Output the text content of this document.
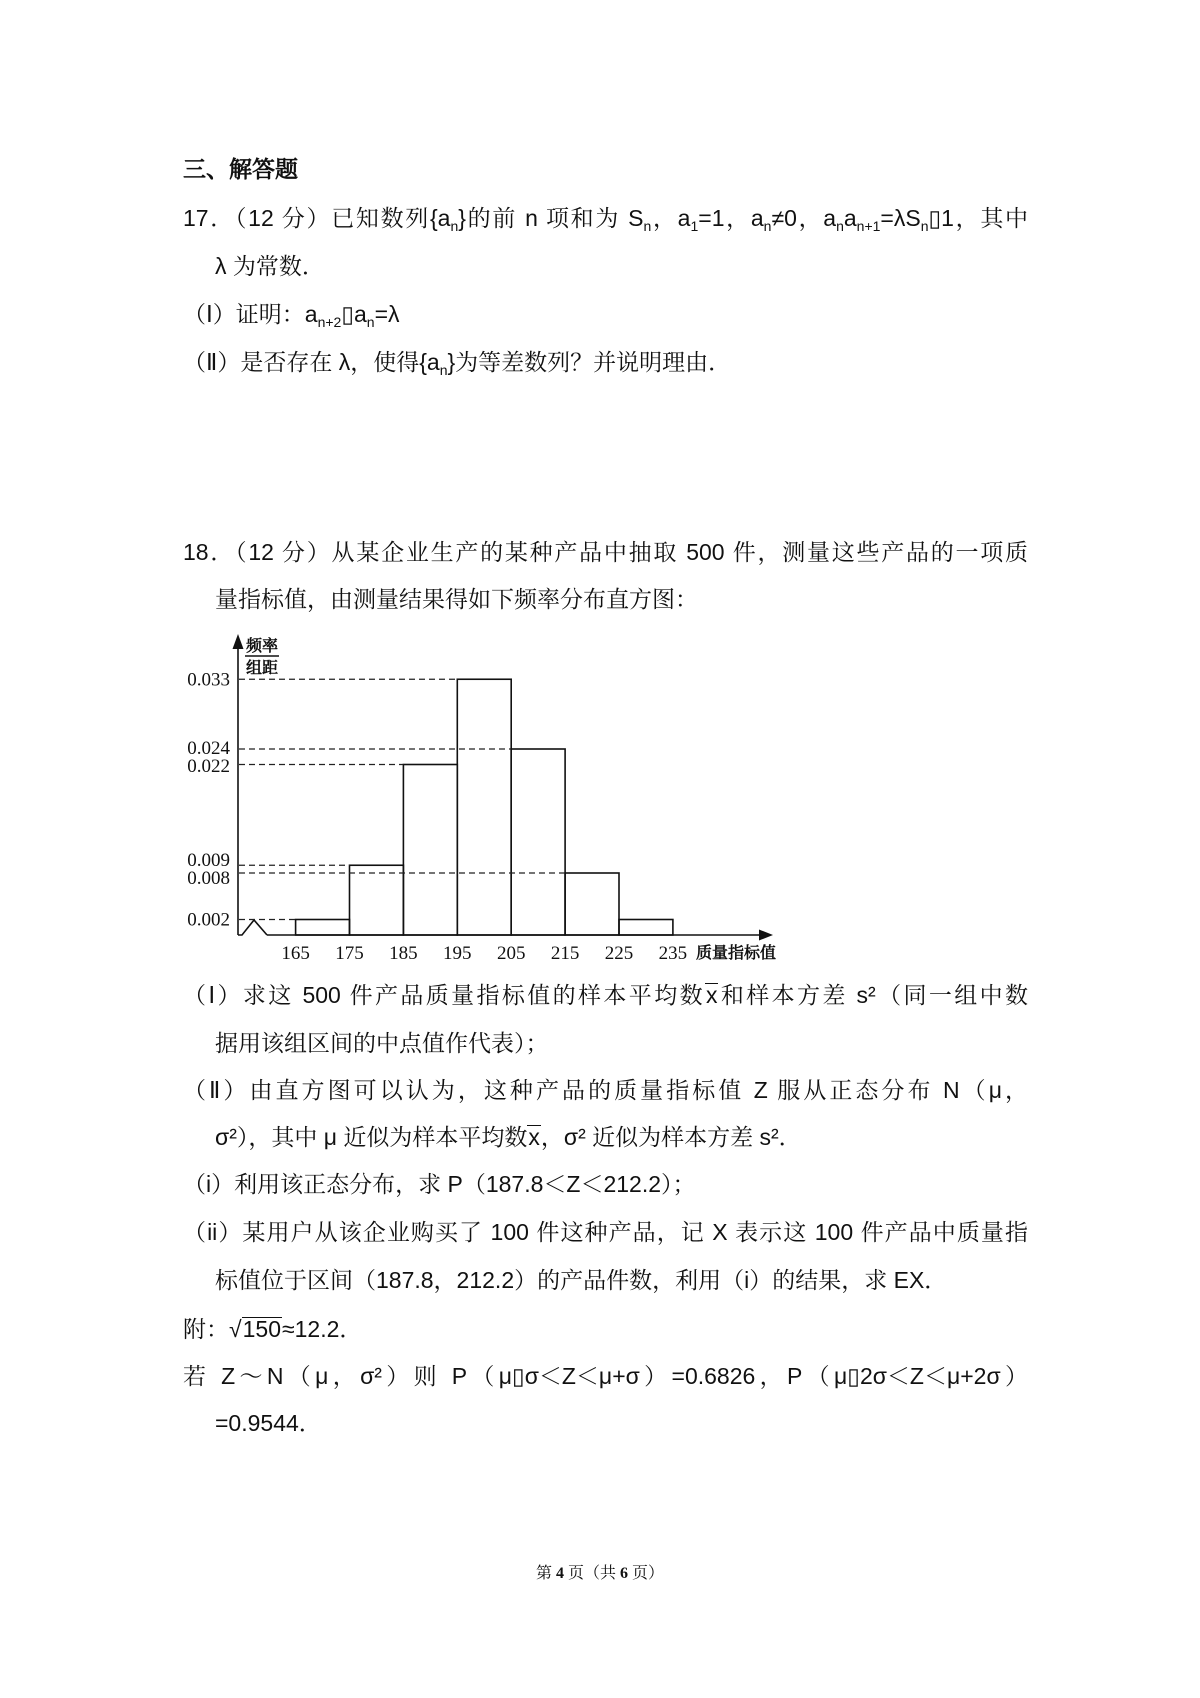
三、解答题
17．（12 分）已知数列$\{a_n\}$的前 n 项和为 $S_n$，$a_1=1$，$a_n\ne 0$，$a_na_{n+1}=\lambda S_n▯1$，其中
λ 为常数．
（Ⅰ）证明：$a_{n+2}▯a_n=\lambda$
（Ⅱ）是否存在 λ，使得$\{a_n\}$为等差数列？并说明理由．
18．（12 分）从某企业生产的某种产品中抽取 500 件，测量这些产品的一项质
量指标值，由测量结果得如下频率分布直方图：
频率
组距
质量指标值
0.033
0.024
0.022
0.009
0.008
0.002
165 175 185 195 205 215 225 235
（Ⅰ）求这 500 件产品质量指标值的样本平均数x和样本方差 s²（同一组中数
据用该组区间的中点值作代表）；
（Ⅱ）由直方图可以认为，这种产品的质量指标值 Z 服从正态分布 N（μ，
σ²），其中 μ 近似为样本平均数x，σ² 近似为样本方差 s²．
（i）利用该正态分布，求 P（187.8＜Z＜212.2）；
（ii）某用户从该企业购买了 100 件这种产品，记 X 表示这 100 件产品中质量指
标值位于区间（187.8，212.2）的产品件数，利用（i）的结果，求 EX．
附：√150≈12.2．
若 Z～N（μ，σ²）则 P（μ▯σ＜Z＜μ+σ）=0.6826，P（μ▯2σ＜Z＜μ+2σ）
=0.9544．
第 4 页（共 6 页）
